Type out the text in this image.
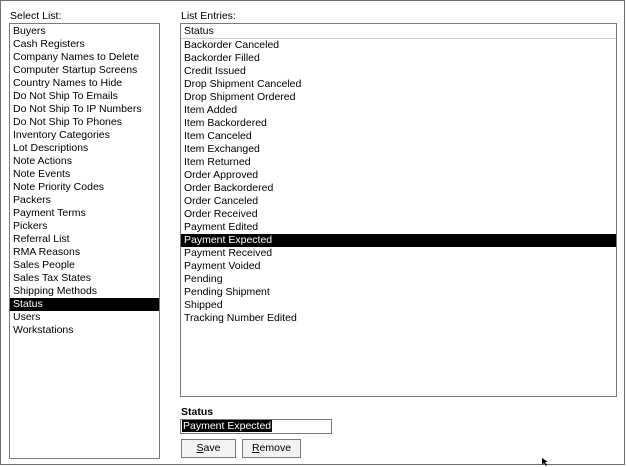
Select List:
Buyers
Cash Registers
Company Names to Delete
Computer Startup Screens
Country Names to Hide
Do Not Ship To Emails
Do Not Ship To IP Numbers
Do Not Ship To Phones
Inventory Categories
Lot Descriptions
Note Actions
Note Events
Note Priority Codes
Packers
Payment Terms
Pickers
Referral List
RMA Reasons
Sales People
Sales Tax States
Shipping Methods
Status
Users
Workstations
List Entries:
Status
Backorder Canceled
Backorder Filled
Credit Issued
Drop Shipment Canceled
Drop Shipment Ordered
Item Added
Item Backordered
Item Canceled
Item Exchanged
Item Returned
Order Approved
Order Backordered
Order Canceled
Order Received
Payment Edited
Payment Expected
Payment Received
Payment Voided
Pending
Pending Shipment
Shipped
Tracking Number Edited
Status
Payment Expected
Save	Remove
